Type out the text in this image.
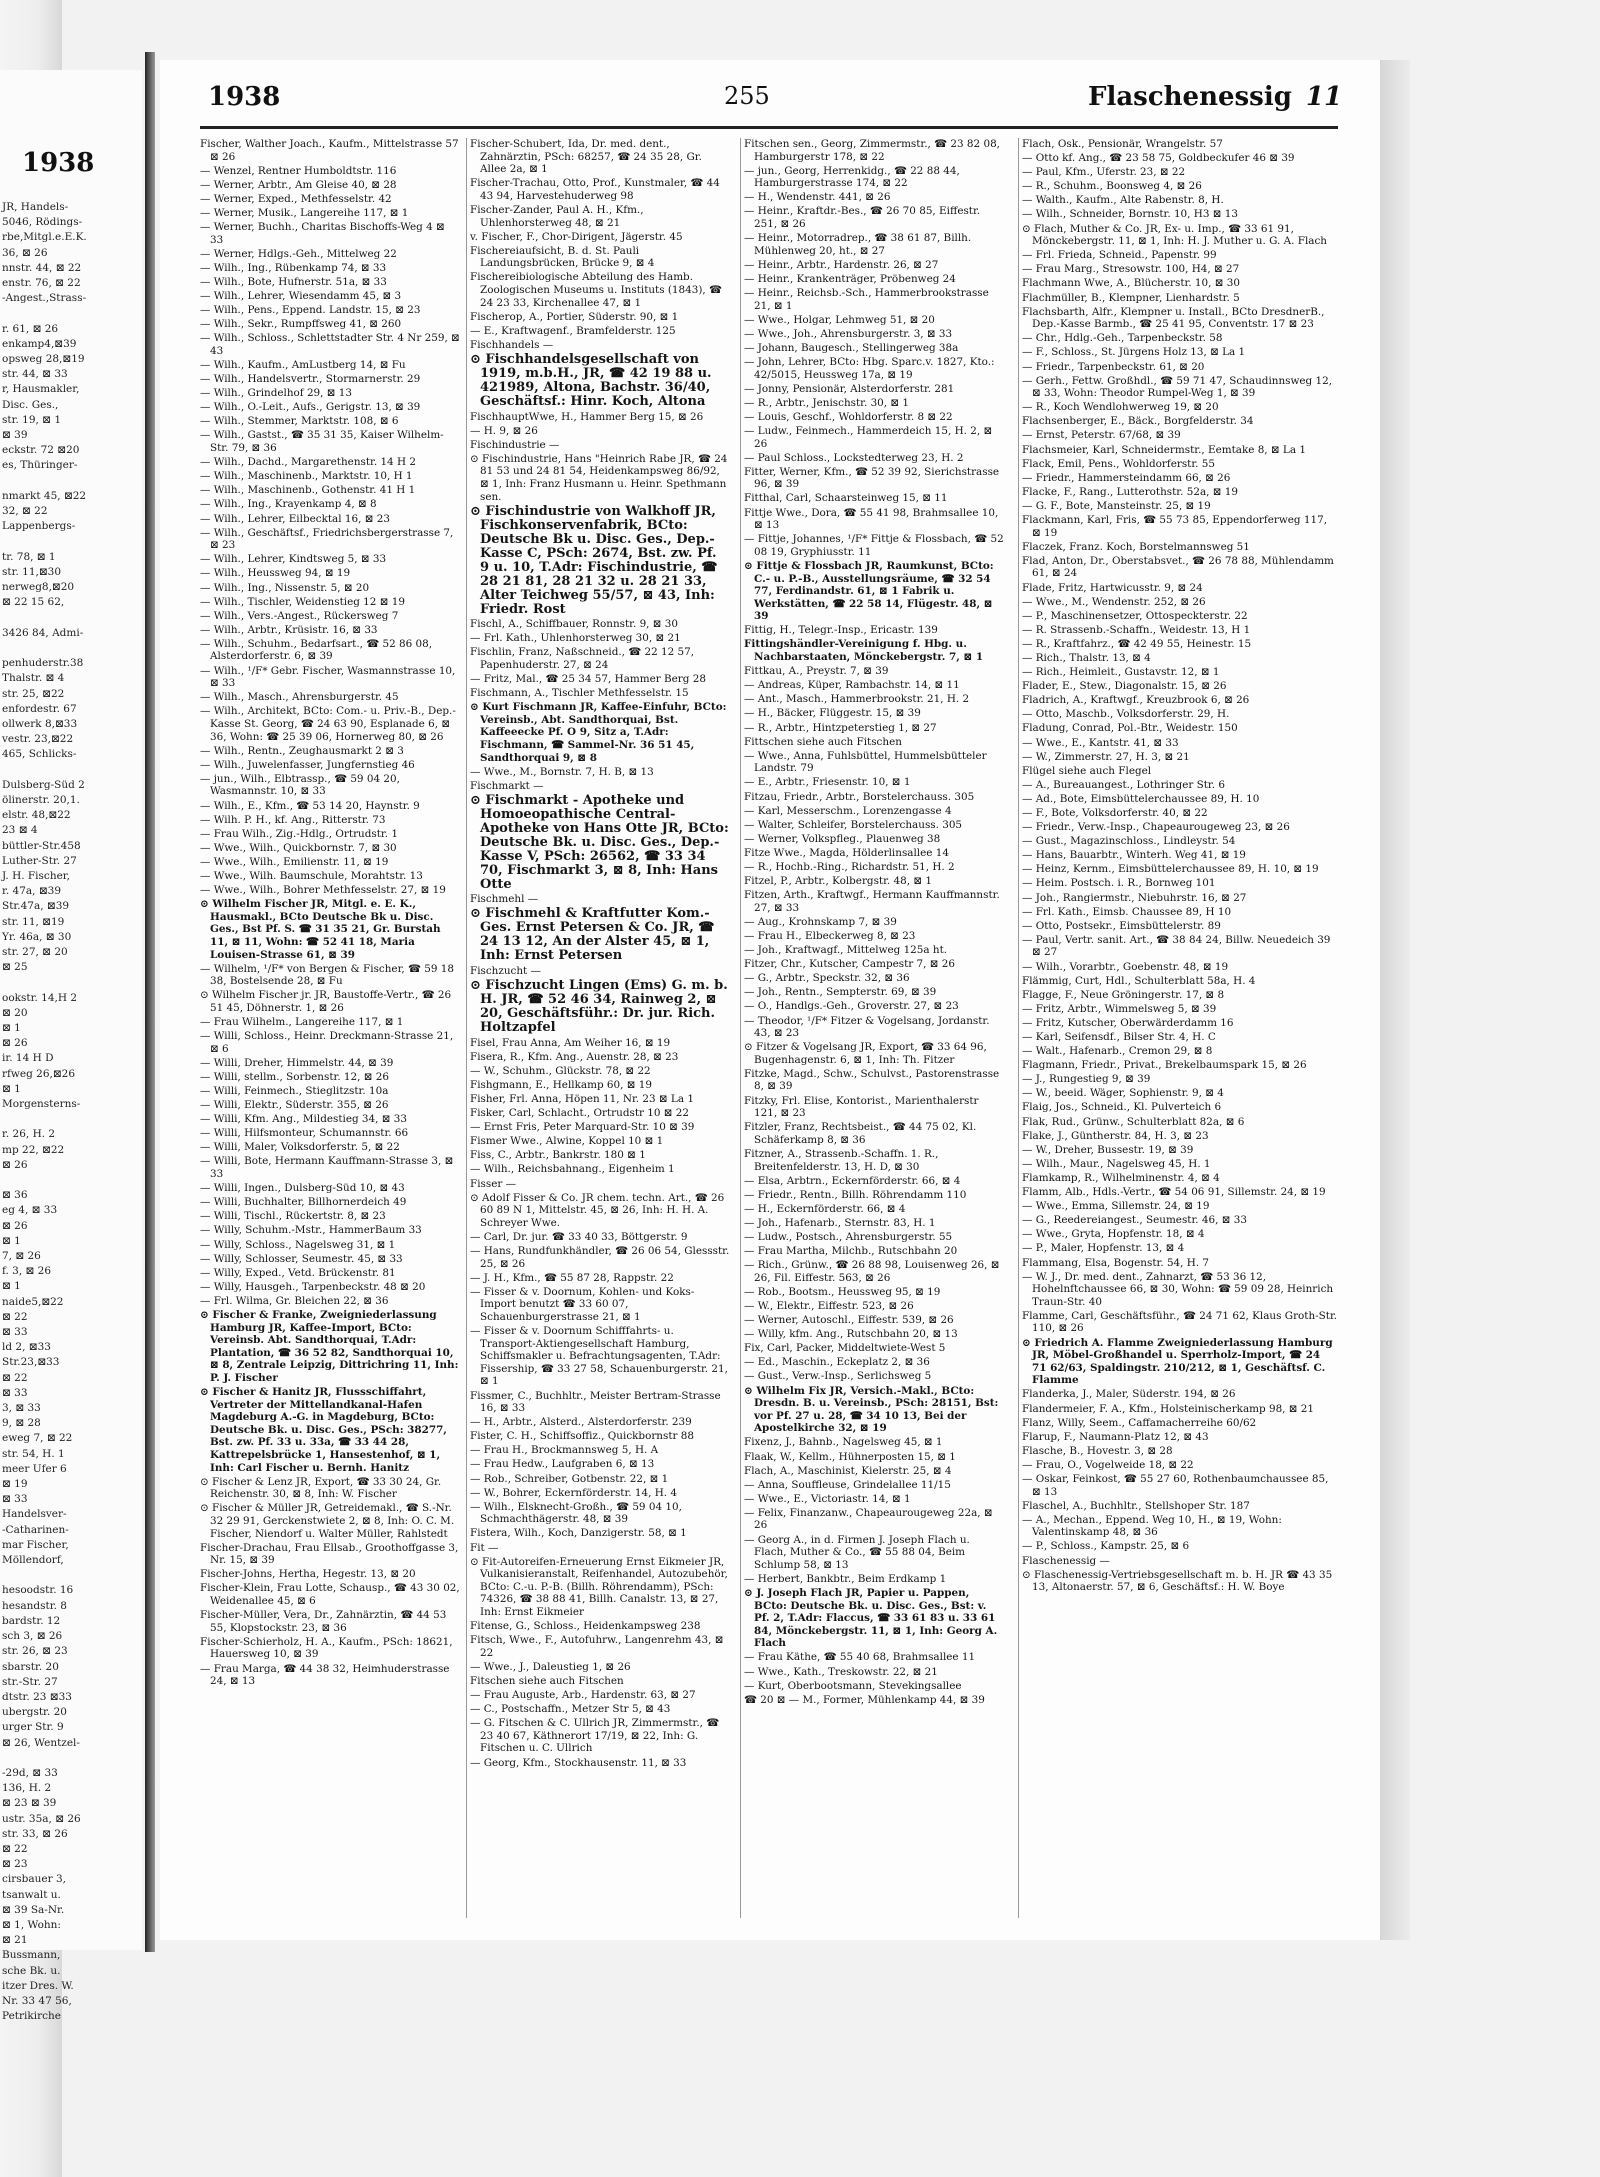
1938
JR, Handels-
5046, Rödings-
rbe,Mitgl.e.E.K.
36, ⊠ 26
nnstr. 44, ⊠ 22
enstr. 76, ⊠ 22
-Angest.,Strass-

r. 61, ⊠ 26
enkamp4,⊠39
opsweg 28,⊠19
str. 44, ⊠ 33
r, Hausmakler,
Disc. Ges.,
str. 19, ⊠ 1
⊠ 39
eckstr. 72 ⊠20
es, Thüringer-

nmarkt 45, ⊠22
32, ⊠ 22
Lappenbergs-

tr. 78, ⊠ 1
str. 11,⊠30
nerweg8,⊠20
⊠ 22 15 62,

3426 84, Admi-

penhuderstr.38
Thalstr. ⊠ 4
str. 25, ⊠22
enfordestr. 67
ollwerk 8,⊠33
vestr. 23,⊠22
465, Schlicks-

Dulsberg-Süd 2
ölinerstr. 20,1.
elstr. 48,⊠22
23 ⊠ 4
büttler-Str.458
Luther-Str. 27
J. H. Fischer,
r. 47a, ⊠39
Str.47a, ⊠39
str. 11, ⊠19
Yr. 46a, ⊠ 30
str. 27, ⊠ 20
⊠ 25

ookstr. 14,H 2
⊠ 20
⊠ 1
⊠ 26
ir. 14 H D
rfweg 26,⊠26
⊠ 1
Morgensterns-

r. 26, H. 2
mp 22, ⊠22
⊠ 26

⊠ 36
eg 4, ⊠ 33
⊠ 26
⊠ 1
7, ⊠ 26
f. 3, ⊠ 26
⊠ 1
naide5,⊠22
⊠ 22
⊠ 33
ld 2, ⊠33
Str.23,⊠33
⊠ 22
⊠ 33
3, ⊠ 33
9, ⊠ 28
eweg 7, ⊠ 22
str. 54, H. 1
meer Ufer 6
⊠ 19
⊠ 33
Handelsver-
-Catharinen-
mar Fischer,
Möllendorf,

hesoodstr. 16
hesandstr. 8
bardstr. 12
sch 3, ⊠ 26
str. 26, ⊠ 23
sbarstr. 20
str.-Str. 27
dtstr. 23 ⊠33
ubergstr. 20
urger Str. 9
⊠ 26, Wentzel-

-29d, ⊠ 33
136, H. 2
⊠ 23 ⊠ 39
ustr. 35a, ⊠ 26
str. 33, ⊠ 26
⊠ 22
⊠ 23
cirsbauer 3,
tsanwalt u.
⊠ 39 Sa-Nr.
⊠ 1, Wohn:
⊠ 21
Bussmann,
sche Bk. u.
itzer Dres. W.
Nr. 33 47 56,
Petrikirche
1938	255	Flaschenessig 11
Fischer, Walther Joach., Kaufm., Mittelstrasse 57 ⊠ 26
— Wenzel, Rentner Humboldtstr. 116
— Werner, Arbtr., Am Gleise 40, ⊠ 28
— Werner, Exped., Methfesselstr. 42
— Werner, Musik., Langereihe 117, ⊠ 1
— Werner, Buchh., Charitas Bischoffs-Weg 4 ⊠ 33
— Werner, Hdlgs.-Geh., Mittelweg 22
— Wilh., Ing., Rübenkamp 74, ⊠ 33
— Wilh., Bote, Hufnerstr. 51a, ⊠ 33
— Wilh., Lehrer, Wiesendamm 45, ⊠ 3
— Wilh., Pens., Eppend. Landstr. 15, ⊠ 23
— Wilh., Sekr., Rumpffsweg 41, ⊠ 260
— Wilh., Schloss., Schlettstadter Str. 4 Nr 259, ⊠ 43
— Wilh., Kaufm., AmLustberg 14, ⊠ Fu
— Wilh., Handelsvertr., Stormarnerstr. 29
— Wilh., Grindelhof 29, ⊠ 13
— Wilh., O.-Leit., Aufs., Gerigstr. 13, ⊠ 39
— Wilh., Stemmer, Marktstr. 108, ⊠ 6
— Wilh., Gastst., ☎ 35 31 35, Kaiser Wilhelm-Str. 79, ⊠ 36
— Wilh., Dachd., Margarethenstr. 14 H 2
— Wilh., Maschinenb., Marktstr. 10, H 1
— Wilh., Maschinenb., Gothenstr. 41 H 1
— Wilh., Ing., Krayenkamp 4, ⊠ 8
— Wilh., Lehrer, Eilbecktal 16, ⊠ 23
— Wilh., Geschäftsf., Friedrichsbergerstrasse 7, ⊠ 23
— Wilh., Lehrer, Kindtsweg 5, ⊠ 33
— Wilh., Heussweg 94, ⊠ 19
— Wilh., Ing., Nissenstr. 5, ⊠ 20
— Wilh., Tischler, Weidenstieg 12 ⊠ 19
— Wilh., Vers.-Angest., Rückersweg 7
— Wilh., Arbtr., Krüsistr. 16, ⊠ 33
— Wilh., Schuhm., Bedarfsart., ☎ 52 86 08, Alsterdorferstr. 6, ⊠ 39
— Wilh., ¹/F* Gebr. Fischer, Wasmannstrasse 10, ⊠ 33
— Wilh., Masch., Ahrensburgerstr. 45
— Wilh., Architekt, BCto: Com.- u. Priv.-B., Dep.-Kasse St. Georg, ☎ 24 63 90, Esplanade 6, ⊠ 36, Wohn: ☎ 25 39 06, Hornerweg 80, ⊠ 26
— Wilh., Rentn., Zeughausmarkt 2 ⊠ 3
— Wilh., Juwelenfasser, Jungfernstieg 46
— jun., Wilh., Elbtrassp., ☎ 59 04 20, Wasmannstr. 10, ⊠ 33
— Wilh., E., Kfm., ☎ 53 14 20, Haynstr. 9
— Wilh. P. H., kf. Ang., Ritterstr. 73
— Frau Wilh., Zig.-Hdlg., Ortrudstr. 1
— Wwe., Wilh., Quickbornstr. 7, ⊠ 30
— Wwe., Wilh., Emilienstr. 11, ⊠ 19
— Wwe., Wilh. Baumschule, Morahtstr. 13
— Wwe., Wilh., Bohrer Methfesselstr. 27, ⊠ 19
⊙ Wilhelm Fischer JR, Mitgl. e. E. K., Hausmakl., BCto Deutsche Bk u. Disc. Ges., Bst Pf. S. ☎ 31 35 21, Gr. Burstah 11, ⊠ 11, Wohn: ☎ 52 41 18, Maria Louisen-Strasse 61, ⊠ 39
— Wilhelm, ¹/F* von Bergen & Fischer, ☎ 59 18 38, Bostelsende 28, ⊠ Fu
⊙ Wilhelm Fischer jr. JR, Baustoffe-Vertr., ☎ 26 51 45, Döhnerstr. 1, ⊠ 26
— Frau Wilhelm., Langereihe 117, ⊠ 1
— Willi, Schloss., Heinr. Dreckmann-Strasse 21, ⊠ 6
— Willi, Dreher, Himmelstr. 44, ⊠ 39
— Willi, stellm., Sorbenstr. 12, ⊠ 26
— Willi, Feinmech., Stieglitzstr. 10a
— Willi, Elektr., Süderstr. 355, ⊠ 26
— Willi, Kfm. Ang., Mildestieg 34, ⊠ 33
— Willi, Hilfsmonteur, Schumannstr. 66
— Willi, Maler, Volksdorferstr. 5, ⊠ 22
— Willi, Bote, Hermann Kauffmann-Strasse 3, ⊠ 33
— Willi, Ingen., Dulsberg-Süd 10, ⊠ 43
— Willi, Buchhalter, Billhornerdeich 49
— Willi, Tischl., Rückertstr. 8, ⊠ 23
— Willy, Schuhm.-Mstr., HammerBaum 33
— Willy, Schloss., Nagelsweg 31, ⊠ 1
— Willy, Schlosser, Seumestr. 45, ⊠ 33
— Willy, Exped., Vetd. Brückenstr. 81
— Willy, Hausgeh., Tarpenbeckstr. 48 ⊠ 20
— Frl. Wilma, Gr. Bleichen 22, ⊠ 36
⊙ Fischer & Franke, Zweigniederlassung Hamburg JR, Kaffee-Import, BCto: Vereinsb. Abt. Sandthorquai, T.Adr: Plantation, ☎ 36 52 82, Sandthorquai 10, ⊠ 8, Zentrale Leipzig, Dittrichring 11, Inh: P. J. Fischer
⊙ Fischer & Hanitz JR, Flussschiffahrt, Vertreter der Mittellandkanal-Hafen Magdeburg A.-G. in Magdeburg, BCto: Deutsche Bk. u. Disc. Ges., PSch: 38277, Bst. zw. Pf. 33 u. 33a, ☎ 33 44 28, Kattrepelsbrücke 1, Hansestenhof, ⊠ 1, Inh: Carl Fischer u. Bernh. Hanitz
⊙ Fischer & Lenz JR, Export, ☎ 33 30 24, Gr. Reichenstr. 30, ⊠ 8, Inh: W. Fischer
⊙ Fischer & Müller JR, Getreidemakl., ☎ S.-Nr. 32 29 91, Gerckenstwiete 2, ⊠ 8, Inh: O. C. M. Fischer, Niendorf u. Walter Müller, Rahlstedt
Fischer-Drachau, Frau Ellsab., Groothoffgasse 3, Nr. 15, ⊠ 39
Fischer-Johns, Hertha, Hegestr. 13, ⊠ 20
Fischer-Klein, Frau Lotte, Schausp., ☎ 43 30 02, Weidenallee 45, ⊠ 6
Fischer-Müller, Vera, Dr., Zahnärztin, ☎ 44 53 55, Klopstockstr. 23, ⊠ 36
Fischer-Schierholz, H. A., Kaufm., PSch: 18621, Hauersweg 10, ⊠ 39
— Frau Marga, ☎ 44 38 32, Heimhuderstrasse 24, ⊠ 13
Fischer-Schubert, Ida, Dr. med. dent., Zahnärztin, PSch: 68257, ☎ 24 35 28, Gr. Allee 2a, ⊠ 1
Fischer-Trachau, Otto, Prof., Kunstmaler, ☎ 44 43 94, Harvestehuderweg 98
Fischer-Zander, Paul A. H., Kfm., Uhlenhorsterweg 48, ⊠ 21
v. Fischer, F., Chor-Dirigent, Jägerstr. 45
Fischereiaufsicht, B. d. St. Pauli Landungsbrücken, Brücke 9, ⊠ 4
Fischereibiologische Abteilung des Hamb. Zoologischen Museums u. Instituts (1843), ☎ 24 23 33, Kirchenallee 47, ⊠ 1
Fischerop, A., Portier, Süderstr. 90, ⊠ 1
— E., Kraftwagenf., Bramfelderstr. 125
Fischhandels —
⊙ Fischhandelsgesellschaft von 1919, m.b.H., JR, ☎ 42 19 88 u. 421989, Altona, Bachstr. 36/40, Geschäftsf.: Hinr. Koch, Altona
FischhauptWwe, H., Hammer Berg 15, ⊠ 26
— H. 9, ⊠ 26
Fischindustrie —
⊙ Fischindustrie, Hans "Heinrich Rabe JR, ☎ 24 81 53 und 24 81 54, Heidenkampsweg 86/92, ⊠ 1, Inh: Franz Husmann u. Heinr. Spethmann sen.
⊙ Fischindustrie von Walkhoff JR, Fischkonservenfabrik, BCto: Deutsche Bk u. Disc. Ges., Dep.-Kasse C, PSch: 2674, Bst. zw. Pf. 9 u. 10, T.Adr: Fischindustrie, ☎ 28 21 81, 28 21 32 u. 28 21 33, Alter Teichweg 55/57, ⊠ 43, Inh: Friedr. Rost
Fischl, A., Schiffbauer, Ronnstr. 9, ⊠ 30
— Frl. Kath., Uhlenhorsterweg 30, ⊠ 21
Fischlin, Franz, Naßschneid., ☎ 22 12 57, Papenhuderstr. 27, ⊠ 24
— Fritz, Mal., ☎ 25 34 57, Hammer Berg 28
Fischmann, A., Tischler Methfesselstr. 15
⊙ Kurt Fischmann JR, Kaffee-Einfuhr, BCto: Vereinsb., Abt. Sandthorquai, Bst. Kaffeeecke Pf. O 9, Sitz a, T.Adr: Fischmann, ☎ Sammel-Nr. 36 51 45, Sandthorquai 9, ⊠ 8
— Wwe., M., Bornstr. 7, H. B, ⊠ 13
Fischmarkt —
⊙ Fischmarkt - Apotheke und Homoeopathische Central-Apotheke von Hans Otte JR, BCto: Deutsche Bk. u. Disc. Ges., Dep.-Kasse V, PSch: 26562, ☎ 33 34 70, Fischmarkt 3, ⊠ 8, Inh: Hans Otte
Fischmehl —
⊙ Fischmehl & Kraftfutter Kom.-Ges. Ernst Petersen & Co. JR, ☎ 24 13 12, An der Alster 45, ⊠ 1, Inh: Ernst Petersen
Fischzucht —
⊙ Fischzucht Lingen (Ems) G. m. b. H. JR, ☎ 52 46 34, Rainweg 2, ⊠ 20, Geschäftsführ.: Dr. jur. Rich. Holtzapfel
Fisel, Frau Anna, Am Weiher 16, ⊠ 19
Fisera, R., Kfm. Ang., Auenstr. 28, ⊠ 23
— W., Schuhm., Glückstr. 78, ⊠ 22
Fishgmann, E., Hellkamp 60, ⊠ 19
Fisher, Frl. Anna, Höpen 11, Nr. 23 ⊠ La 1
Fisker, Carl, Schlacht., Ortrudstr 10 ⊠ 22
— Ernst Fris, Peter Marquard-Str. 10 ⊠ 39
Fismer Wwe., Alwine, Koppel 10 ⊠ 1
Fiss, C., Arbtr., Bankrstr. 180 ⊠ 1
— Wilh., Reichsbahnang., Eigenheim 1
Fisser —
⊙ Adolf Fisser & Co. JR chem. techn. Art., ☎ 26 60 89 N 1, Mittelstr. 45, ⊠ 26, Inh: H. H. A. Schreyer Wwe.
— Carl, Dr. jur. ☎ 33 40 33, Böttgerstr. 9
— Hans, Rundfunkhändler, ☎ 26 06 54, Glessstr. 25, ⊠ 26
— J. H., Kfm., ☎ 55 87 28, Rappstr. 22
— Fisser & v. Doornum, Kohlen- und Koks-Import benutzt ☎ 33 60 07, Schauenburgerstrasse 21, ⊠ 1
— Fisser & v. Doornum Schifffahrts- u. Transport-Aktiengesellschaft Hamburg, Schiffsmakler u. Befrachtungsagenten, T.Adr: Fissership, ☎ 33 27 58, Schauenburgerstr. 21, ⊠ 1
Fissmer, C., Buchhltr., Meister Bertram-Strasse 16, ⊠ 33
— H., Arbtr., Alsterd., Alsterdorferstr. 239
Fister, C. H., Schiffsoffiz., Quickbornstr 88
— Frau H., Brockmannsweg 5, H. A
— Frau Hedw., Laufgraben 6, ⊠ 13
— Rob., Schreiber, Gotbenstr. 22, ⊠ 1
— W., Bohrer, Eckernförderstr. 14, H. 4
— Wilh., Elsknecht-Großh., ☎ 59 04 10, Schmachthägerstr. 48, ⊠ 39
Fistera, Wilh., Koch, Danzigerstr. 58, ⊠ 1
Fit —
⊙ Fit-Autoreifen-Erneuerung Ernst Eikmeier JR, Vulkanisieranstalt, Reifenhandel, Autozubehör, BCto: C.-u. P.-B. (Billh. Röhrendamm), PSch: 74326, ☎ 38 88 41, Billh. Canalstr. 13, ⊠ 27, Inh: Ernst Eikmeier
Fitense, G., Schloss., Heidenkampsweg 238
Fitsch, Wwe., F., Autofuhrw., Langenrehm 43, ⊠ 22
— Wwe., J., Daleustieg 1, ⊠ 26
Fitschen siehe auch Fitschen
— Frau Auguste, Arb., Hardenstr. 63, ⊠ 27
— C., Postschaffn., Metzer Str 5, ⊠ 43
— G. Fitschen & C. Ullrich JR, Zimmermstr., ☎ 23 40 67, Käthnerort 17/19, ⊠ 22, Inh: G. Fitschen u. C. Ullrich
— Georg, Kfm., Stockhausenstr. 11, ⊠ 33
Fitschen sen., Georg, Zimmermstr., ☎ 23 82 08, Hamburgerstr 178, ⊠ 22
— jun., Georg, Herrenkidg., ☎ 22 88 44, Hamburgerstrasse 174, ⊠ 22
— H., Wendenstr. 441, ⊠ 26
— Heinr., Kraftdr.-Bes., ☎ 26 70 85, Eiffestr. 251, ⊠ 26
— Heinr., Motorradrep., ☎ 38 61 87, Billh. Mühlenweg 20, ht., ⊠ 27
— Heinr., Arbtr., Hardenstr. 26, ⊠ 27
— Heinr., Krankenträger, Pröbenweg 24
— Heinr., Reichsb.-Sch., Hammerbrookstrasse 21, ⊠ 1
— Wwe., Holgar, Lehmweg 51, ⊠ 20
— Wwe., Joh., Ahrensburgerstr. 3, ⊠ 33
— Johann, Baugesch., Stellingerweg 38a
— John, Lehrer, BCto: Hbg. Sparc.v. 1827, Kto.: 42/5015, Heussweg 17a, ⊠ 19
— Jonny, Pensionär, Alsterdorferstr. 281
— R., Arbtr., Jenischstr. 30, ⊠ 1
— Louis, Geschf., Wohldorferstr. 8 ⊠ 22
— Ludw., Feinmech., Hammerdeich 15, H. 2, ⊠ 26
— Paul Schloss., Lockstedterweg 23, H. 2
Fitter, Werner, Kfm., ☎ 52 39 92, Sierichstrasse 96, ⊠ 39
Fitthal, Carl, Schaarsteinweg 15, ⊠ 11
Fittje Wwe., Dora, ☎ 55 41 98, Brahmsallee 10, ⊠ 13
— Fittje, Johannes, ¹/F* Fittje & Flossbach, ☎ 52 08 19, Gryphiusstr. 11
⊙ Fittje & Flossbach JR, Raumkunst, BCto: C.- u. P.-B., Ausstellungsräume, ☎ 32 54 77, Ferdinandstr. 61, ⊠ 1 Fabrik u. Werkstätten, ☎ 22 58 14, Flügestr. 48, ⊠ 39
Fittig, H., Telegr.-Insp., Ericastr. 139
Fittingshändler-Vereinigung f. Hbg. u. Nachbarstaaten, Mönckebergstr. 7, ⊠ 1
Fittkau, A., Preystr. 7, ⊠ 39
— Andreas, Küper, Rambachstr. 14, ⊠ 11
— Ant., Masch., Hammerbrookstr. 21, H. 2
— H., Bäcker, Flüggestr. 15, ⊠ 39
— R., Arbtr., Hintzpeterstieg 1, ⊠ 27
Fittschen siehe auch Fitschen
— Wwe., Anna, Fuhlsbüttel, Hummelsbütteler Landstr. 79
— E., Arbtr., Friesenstr. 10, ⊠ 1
Fitzau, Friedr., Arbtr., Borstelerchauss. 305
— Karl, Messerschm., Lorenzengasse 4
— Walter, Schleifer, Borstelerchauss. 305
— Werner, Volkspfleg., Plauenweg 38
Fitze Wwe., Magda, Hölderlinsallee 14
— R., Hochb.-Ring., Richardstr. 51, H. 2
Fitzel, P., Arbtr., Kolbergstr. 48, ⊠ 1
Fitzen, Arth., Kraftwgf., Hermann Kauffmannstr. 27, ⊠ 33
— Aug., Krohnskamp 7, ⊠ 39
— Frau H., Elbeckerweg 8, ⊠ 23
— Joh., Kraftwagf., Mittelweg 125a ht.
Fitzer, Chr., Kutscher, Campestr 7, ⊠ 26
— G., Arbtr., Speckstr. 32, ⊠ 36
— Joh., Rentn., Sempterstr. 69, ⊠ 39
— O., Handlgs.-Geh., Groverstr. 27, ⊠ 23
— Theodor, ¹/F* Fitzer & Vogelsang, Jordanstr. 43, ⊠ 23
⊙ Fitzer & Vogelsang JR, Export, ☎ 33 64 96, Bugenhagenstr. 6, ⊠ 1, Inh: Th. Fitzer
Fitzke, Magd., Schw., Schulvst., Pastorenstrasse 8, ⊠ 39
Fitzky, Frl. Elise, Kontorist., Marienthalerstr 121, ⊠ 23
Fitzler, Franz, Rechtsbeist., ☎ 44 75 02, Kl. Schäferkamp 8, ⊠ 36
Fitzner, A., Strassenb.-Schaffn. 1. R., Breitenfelderstr. 13, H. D, ⊠ 30
— Elsa, Arbtrn., Eckernförderstr. 66, ⊠ 4
— Friedr., Rentn., Billh. Röhrendamm 110
— H., Eckernförderstr. 66, ⊠ 4
— Joh., Hafenarb., Sternstr. 83, H. 1
— Ludw., Postsch., Ahrensburgerstr. 55
— Frau Martha, Milchb., Rutschbahn 20
— Rich., Grünw., ☎ 26 88 98, Louisenweg 26, ⊠ 26, Fil. Eiffestr. 563, ⊠ 26
— Rob., Bootsm., Heussweg 95, ⊠ 19
— W., Elektr., Eiffestr. 523, ⊠ 26
— Werner, Autoschl., Eiffestr. 539, ⊠ 26
— Willy, kfm. Ang., Rutschbahn 20, ⊠ 13
Fix, Carl, Packer, Middeltwiete-West 5
— Ed., Maschin., Eckeplatz 2, ⊠ 36
— Gust., Verw.-Insp., Serlichsweg 5
⊙ Wilhelm Fix JR, Versich.-Makl., BCto: Dresdn. B. u. Vereinsb., PSch: 28151, Bst: vor Pf. 27 u. 28, ☎ 34 10 13, Bei der Apostelkirche 32, ⊠ 19
Fixenz, J., Bahnb., Nagelsweg 45, ⊠ 1
Flaak, W., Kellm., Hühnerposten 15, ⊠ 1
Flach, A., Maschinist, Kielerstr. 25, ⊠ 4
— Anna, Souffleuse, Grindelallee 11/15
— Wwe., E., Victoriastr. 14, ⊠ 1
— Felix, Finanzanw., Chapeaurougeweg 22a, ⊠ 26
— Georg A., in d. Firmen J. Joseph Flach u. Flach, Muther & Co., ☎ 55 88 04, Beim Schlump 58, ⊠ 13
— Herbert, Bankbtr., Beim Erdkamp 1
⊙ J. Joseph Flach JR, Papier u. Pappen, BCto: Deutsche Bk. u. Disc. Ges., Bst: v. Pf. 2, T.Adr: Flaccus, ☎ 33 61 83 u. 33 61 84, Mönckebergstr. 11, ⊠ 1, Inh: Georg A. Flach
— Frau Käthe, ☎ 55 40 68, Brahmsallee 11
— Wwe., Kath., Treskowstr. 22, ⊠ 21
— Kurt, Oberbootsmann, Stevekingsallee
☎ 20 ⊠ — M., Former, Mühlenkamp 44, ⊠ 39
Flach, Osk., Pensionär, Wrangelstr. 57
— Otto kf. Ang., ☎ 23 58 75, Goldbeckufer 46 ⊠ 39
— Paul, Kfm., Uferstr. 23, ⊠ 22
— R., Schuhm., Boonsweg 4, ⊠ 26
— Walth., Kaufm., Alte Rabenstr. 8, H.
— Wilh., Schneider, Bornstr. 10, H3 ⊠ 13
⊙ Flach, Muther & Co. JR, Ex- u. Imp., ☎ 33 61 91, Mönckebergstr. 11, ⊠ 1, Inh: H. J. Muther u. G. A. Flach
— Frl. Frieda, Schneid., Papenstr. 99
— Frau Marg., Stresowstr. 100, H4, ⊠ 27
Flachmann Wwe, A., Blücherstr. 10, ⊠ 30
Flachmüller, B., Klempner, Lienhardstr. 5
Flachsbarth, Alfr., Klempner u. Install., BCto DresdnerB., Dep.-Kasse Barmb., ☎ 25 41 95, Conventstr. 17 ⊠ 23
— Chr., Hdlg.-Geh., Tarpenbeckstr. 58
— F., Schloss., St. Jürgens Holz 13, ⊠ La 1
— Friedr., Tarpenbeckstr. 61, ⊠ 20
— Gerh., Fettw. Großhdl., ☎ 59 71 47, Schaudinnsweg 12, ⊠ 33, Wohn: Theodor Rumpel-Weg 1, ⊠ 39
— R., Koch Wendlohwerweg 19, ⊠ 20
Flachsenberger, E., Bäck., Borgfelderstr. 34
— Ernst, Peterstr. 67/68, ⊠ 39
Flachsmeier, Karl, Schneidermstr., Eemtake 8, ⊠ La 1
Flack, Emil, Pens., Wohldorferstr. 55
— Friedr., Hammersteindamm 66, ⊠ 26
Flacke, F., Rang., Lutterothstr. 52a, ⊠ 19
— G. F., Bote, Mansteinstr. 25, ⊠ 19
Flackmann, Karl, Fris, ☎ 55 73 85, Eppendorferweg 117, ⊠ 19
Flaczek, Franz. Koch, Borstelmannsweg 51
Flad, Anton, Dr., Oberstabsvet., ☎ 26 78 88, Mühlendamm 61, ⊠ 24
Flade, Fritz, Hartwicusstr. 9, ⊠ 24
— Wwe., M., Wendenstr. 252, ⊠ 26
— P., Maschinensetzer, Ottospeckterstr. 22
— R. Strassenb.-Schaffn., Weidestr. 13, H 1
— R., Kraftfahrz., ☎ 42 49 55, Heinestr. 15
— Rich., Thalstr. 13, ⊠ 4
— Rich., Heimleit., Gustavstr. 12, ⊠ 1
Flader, E., Stew., Diagonalstr. 15, ⊠ 26
Fladrich, A., Kraftwgf., Kreuzbrook 6, ⊠ 26
— Otto, Maschb., Volksdorferstr. 29, H.
Fladung, Conrad, Pol.-Btr., Weidestr. 150
— Wwe., E., Kantstr. 41, ⊠ 33
— W., Zimmerstr. 27, H. 3, ⊠ 21
Flügel siehe auch Flegel
— A., Bureauangest., Lothringer Str. 6
— Ad., Bote, Eimsbüttelerchaussee 89, H. 10
— F., Bote, Volksdorferstr. 40, ⊠ 22
— Friedr., Verw.-Insp., Chapeaurougeweg 23, ⊠ 26
— Gust., Magazinschloss., Lindleystr. 54
— Hans, Bauarbtr., Winterh. Weg 41, ⊠ 19
— Heinz, Kernm., Eimsbüttelerchaussee 89, H. 10, ⊠ 19
— Heim. Postsch. i. R., Bornweg 101
— Joh., Rangiermstr., Niebuhrstr. 16, ⊠ 27
— Frl. Kath., Eimsb. Chaussee 89, H 10
— Otto, Postsekr., Eimsbüttelerstr. 89
— Paul, Vertr. sanit. Art., ☎ 38 84 24, Billw. Neuedeich 39 ⊠ 27
— Wilh., Vorarbtr., Goebenstr. 48, ⊠ 19
Flämmig, Curt, Hdl., Schulterblatt 58a, H. 4
Flagge, F., Neue Gröningerstr. 17, ⊠ 8
— Fritz, Arbtr., Wimmelsweg 5, ⊠ 39
— Fritz, Kutscher, Oberwärderdamm 16
— Karl, Seifensdf., Bilser Str. 4, H. C
— Walt., Hafenarb., Cremon 29, ⊠ 8
Flagmann, Friedr., Privat., Brekelbaumspark 15, ⊠ 26
— J., Rungestieg 9, ⊠ 39
— W., beeid. Wäger, Sophienstr. 9, ⊠ 4
Flaig, Jos., Schneid., Kl. Pulverteich 6
Flak, Rud., Grünw., Schulterblatt 82a, ⊠ 6
Flake, J., Güntherstr. 84, H. 3, ⊠ 23
— W., Dreher, Bussestr. 19, ⊠ 39
— Wilh., Maur., Nagelsweg 45, H. 1
Flamkamp, R., Wilhelminenstr. 4, ⊠ 4
Flamm, Alb., Hdls.-Vertr., ☎ 54 06 91, Sillemstr. 24, ⊠ 19
— Wwe., Emma, Sillemstr. 24, ⊠ 19
— G., Reedereiangest., Seumestr. 46, ⊠ 33
— Wwe., Gryta, Hopfenstr. 18, ⊠ 4
— P., Maler, Hopfenstr. 13, ⊠ 4
Flammang, Elsa, Bogenstr. 54, H. 7
— W. J., Dr. med. dent., Zahnarzt, ☎ 53 36 12, Hohelnftchaussee 66, ⊠ 30, Wohn: ☎ 59 09 28, Heinrich Traun-Str. 40
Flamme, Carl, Geschäftsführ., ☎ 24 71 62, Klaus Groth-Str. 110, ⊠ 26
⊙ Friedrich A. Flamme Zweigniederlassung Hamburg JR, Möbel-Großhandel u. Sperrholz-Import, ☎ 24 71 62/63, Spaldingstr. 210/212, ⊠ 1, Geschäftsf. C. Flamme
Flanderka, J., Maler, Süderstr. 194, ⊠ 26
Flandermeier, F. A., Kfm., Holsteinischerkamp 98, ⊠ 21
Flanz, Willy, Seem., Caffamacherreihe 60/62
Flarup, F., Naumann-Platz 12, ⊠ 43
Flasche, B., Hovestr. 3, ⊠ 28
— Frau, O., Vogelweide 18, ⊠ 22
— Oskar, Feinkost, ☎ 55 27 60, Rothenbaumchaussee 85, ⊠ 13
Flaschel, A., Buchhltr., Stellshoper Str. 187
— A., Mechan., Eppend. Weg 10, H., ⊠ 19, Wohn: Valentinskamp 48, ⊠ 36
— P., Schloss., Kampstr. 25, ⊠ 6
Flaschenessig —
⊙ Flaschenessig-Vertriebsgesellschaft m. b. H. JR ☎ 43 35 13, Altonaerstr. 57, ⊠ 6, Geschäftsf.: H. W. Boye
